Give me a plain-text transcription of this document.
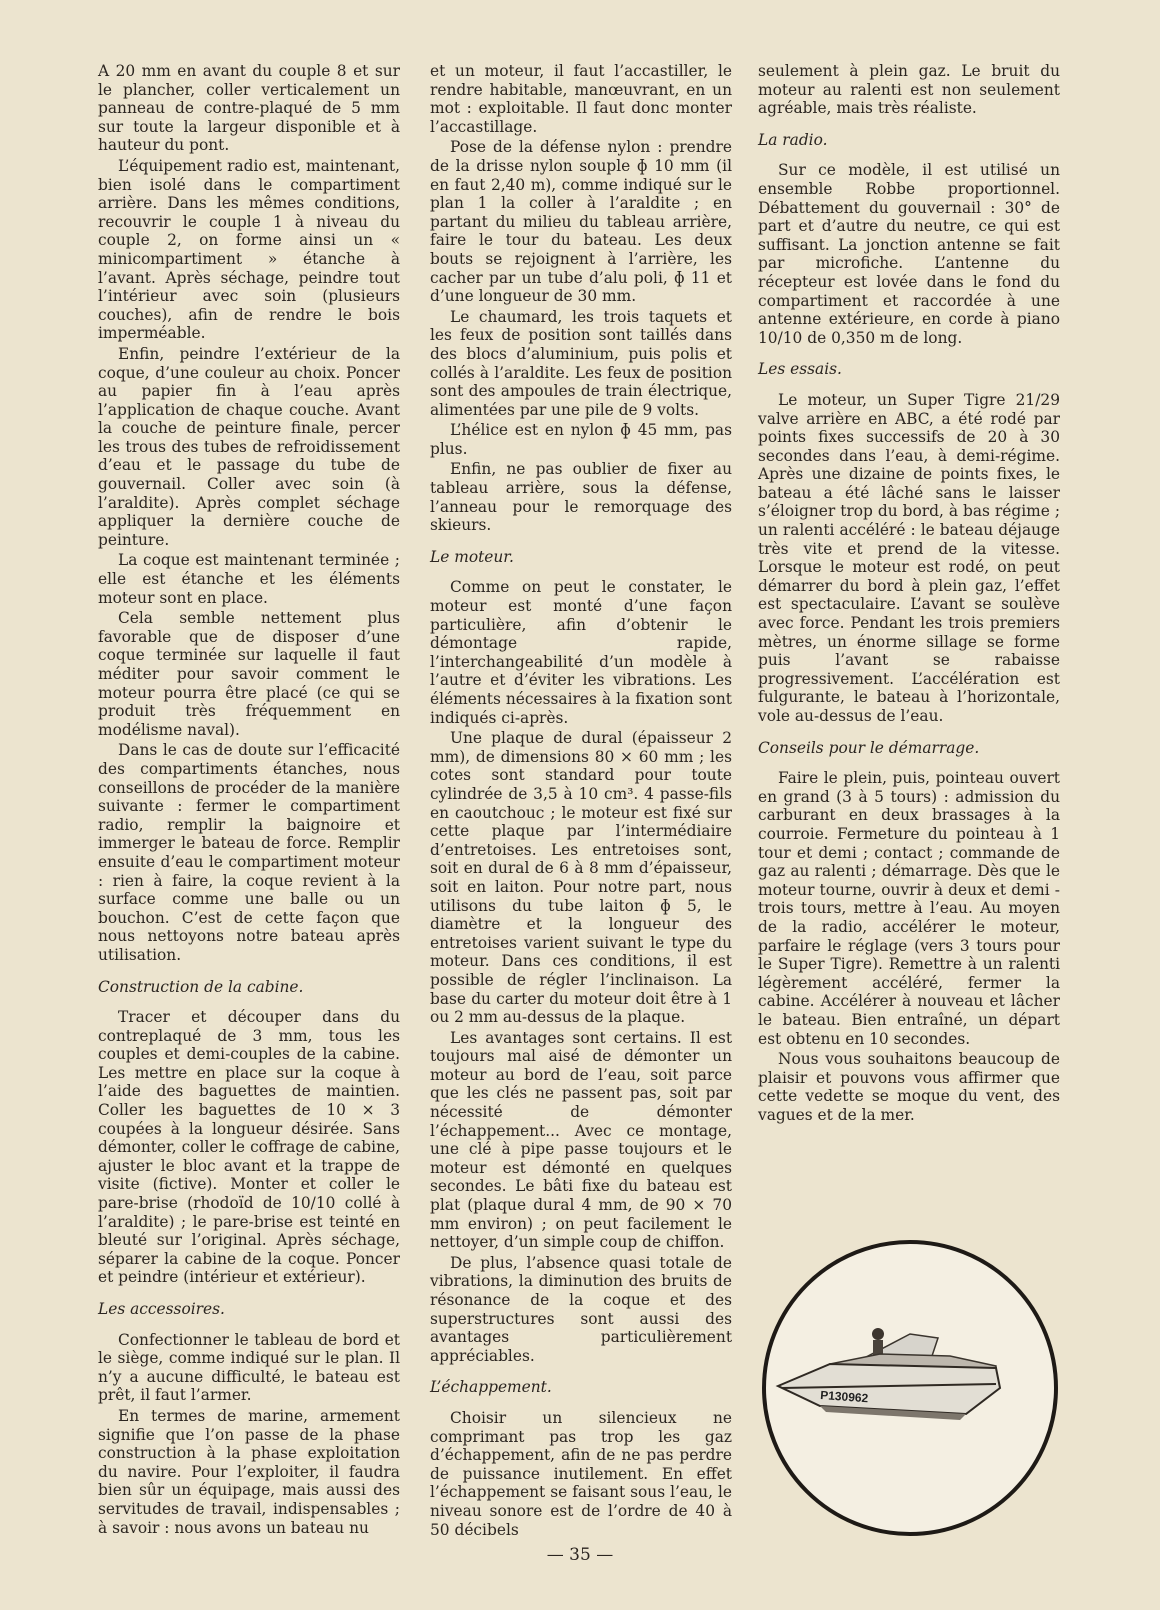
A 20 mm en avant du couple 8 et sur le plancher, coller verticalement un panneau de contre-plaqué de 5 mm sur toute la largeur disponible et à hauteur du pont.

L’équipement radio est, maintenant, bien isolé dans le compartiment arrière. Dans les mêmes conditions, recouvrir le couple 1 à niveau du couple 2, on forme ainsi un « minicompartiment » étanche à l’avant. Après séchage, peindre tout l’intérieur avec soin (plusieurs couches), afin de rendre le bois imperméable.

Enfin, peindre l’extérieur de la coque, d’une couleur au choix. Poncer au papier fin à l’eau après l’application de chaque couche. Avant la couche de peinture finale, percer les trous des tubes de refroidissement d’eau et le passage du tube de gouvernail. Coller avec soin (à l’araldite). Après complet séchage appliquer la dernière couche de peinture.

La coque est maintenant terminée ; elle est étanche et les éléments moteur sont en place.

Cela semble nettement plus favorable que de disposer d’une coque terminée sur laquelle il faut méditer pour savoir comment le moteur pourra être placé (ce qui se produit très fréquemment en modélisme naval).

Dans le cas de doute sur l’efficacité des compartiments étanches, nous conseillons de procéder de la manière suivante : fermer le compartiment radio, remplir la baignoire et immerger le bateau de force. Remplir ensuite d’eau le compartiment moteur : rien à faire, la coque revient à la surface comme une balle ou un bouchon. C’est de cette façon que nous nettoyons notre bateau après utilisation.

Construction de la cabine.

Tracer et découper dans du contreplaqué de 3 mm, tous les couples et demi-couples de la cabine. Les mettre en place sur la coque à l’aide des baguettes de maintien. Coller les baguettes de 10 × 3 coupées à la longueur désirée. Sans démonter, coller le coffrage de cabine, ajuster le bloc avant et la trappe de visite (fictive). Monter et coller le pare-brise (rhodoïd de 10/10 collé à l’araldite) ; le pare-brise est teinté en bleuté sur l’original. Après séchage, séparer la cabine de la coque. Poncer et peindre (intérieur et extérieur).

Les accessoires.

Confectionner le tableau de bord et le siège, comme indiqué sur le plan. Il n’y a aucune difficulté, le bateau est prêt, il faut l’armer.

En termes de marine, armement signifie que l’on passe de la phase construction à la phase exploitation du navire. Pour l’exploiter, il faudra bien sûr un équipage, mais aussi des servitudes de travail, indispensables ; à savoir : nous avons un bateau nu

et un moteur, il faut l’accastiller, le rendre habitable, manœuvrant, en un mot : exploitable. Il faut donc monter l’accastillage.

Pose de la défense nylon : prendre de la drisse nylon souple ɸ 10 mm (il en faut 2,40 m), comme indiqué sur le plan 1 la coller à l’araldite ; en partant du milieu du tableau arrière, faire le tour du bateau. Les deux bouts se rejoignent à l’arrière, les cacher par un tube d’alu poli, ɸ 11 et d’une longueur de 30 mm.

Le chaumard, les trois taquets et les feux de position sont taillés dans des blocs d’aluminium, puis polis et collés à l’araldite. Les feux de position sont des ampoules de train électrique, alimentées par une pile de 9 volts.

L’hélice est en nylon ɸ 45 mm, pas plus.

Enfin, ne pas oublier de fixer au tableau arrière, sous la défense, l’anneau pour le remorquage des skieurs.

Le moteur.

Comme on peut le constater, le moteur est monté d’une façon particulière, afin d’obtenir le démontage rapide, l’interchangeabilité d’un modèle à l’autre et d’éviter les vibrations. Les éléments nécessaires à la fixation sont indiqués ci-après.

Une plaque de dural (épaisseur 2 mm), de dimensions 80 × 60 mm ; les cotes sont standard pour toute cylindrée de 3,5 à 10 cm³. 4 passe-fils en caoutchouc ; le moteur est fixé sur cette plaque par l’intermédiaire d’entretoises. Les entretoises sont, soit en dural de 6 à 8 mm d’épaisseur, soit en laiton. Pour notre part, nous utilisons du tube laiton ɸ 5, le diamètre et la longueur des entretoises varient suivant le type du moteur. Dans ces conditions, il est possible de régler l’inclinaison. La base du carter du moteur doit être à 1 ou 2 mm au-dessus de la plaque.

Les avantages sont certains. Il est toujours mal aisé de démonter un moteur au bord de l’eau, soit parce que les clés ne passent pas, soit par nécessité de démonter l’échappement... Avec ce montage, une clé à pipe passe toujours et le moteur est démonté en quelques secondes. Le bâti fixe du bateau est plat (plaque dural 4 mm, de 90 × 70 mm environ) ; on peut facilement le nettoyer, d’un simple coup de chiffon.

De plus, l’absence quasi totale de vibrations, la diminution des bruits de résonance de la coque et des superstructures sont aussi des avantages particulièrement appréciables.

L’échappement.

Choisir un silencieux ne comprimant pas trop les gaz d’échappement, afin de ne pas perdre de puissance inutilement. En effet l’échappement se faisant sous l’eau, le niveau sonore est de l’ordre de 40 à 50 décibels

seulement à plein gaz. Le bruit du moteur au ralenti est non seulement agréable, mais très réaliste.

La radio.

Sur ce modèle, il est utilisé un ensemble Robbe proportionnel. Débattement du gouvernail : 30° de part et d’autre du neutre, ce qui est suffisant. La jonction antenne se fait par microfiche. L’antenne du récepteur est lovée dans le fond du compartiment et raccordée à une antenne extérieure, en corde à piano 10/10 de 0,350 m de long.

Les essais.

Le moteur, un Super Tigre 21/29 valve arrière en ABC, a été rodé par points fixes successifs de 20 à 30 secondes dans l’eau, à demi-régime. Après une dizaine de points fixes, le bateau a été lâché sans le laisser s’éloigner trop du bord, à bas régime ; un ralenti accéléré : le bateau déjauge très vite et prend de la vitesse. Lorsque le moteur est rodé, on peut démarrer du bord à plein gaz, l’effet est spectaculaire. L’avant se soulève avec force. Pendant les trois premiers mètres, un énorme sillage se forme puis l’avant se rabaisse progressivement. L’accélération est fulgurante, le bateau à l’horizontale, vole au-dessus de l’eau.

Conseils pour le démarrage.

Faire le plein, puis, pointeau ouvert en grand (3 à 5 tours) : admission du carburant en deux brassages à la courroie. Fermeture du pointeau à 1 tour et demi ; contact ; commande de gaz au ralenti ; démarrage. Dès que le moteur tourne, ouvrir à deux et demi - trois tours, mettre à l’eau. Au moyen de la radio, accélérer le moteur, parfaire le réglage (vers 3 tours pour le Super Tigre). Remettre à un ralenti légèrement accéléré, fermer la cabine. Accélérer à nouveau et lâcher le bateau. Bien entraîné, un départ est obtenu en 10 secondes.

Nous vous souhaitons beaucoup de plaisir et pouvons vous affirmer que cette vedette se moque du vent, des vagues et de la mer.

P130962
— 35 —
